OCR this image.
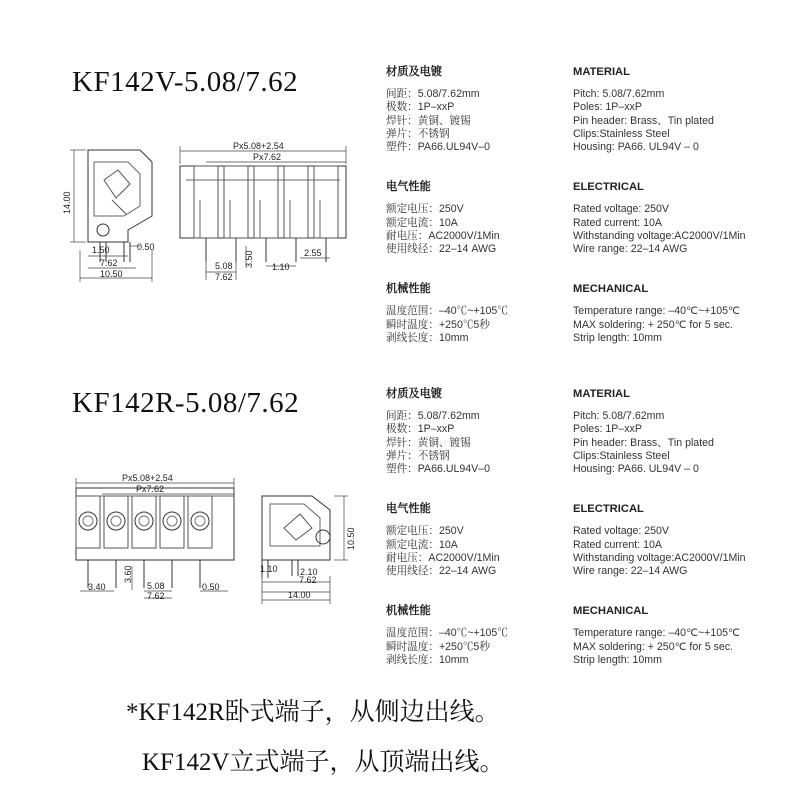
KF142V-5.08/7.62
KF142R-5.08/7.62
材质及电镀
间距：5.08/7.62mm
极数：1P–xxP
焊针：黄铜、镀锡
弹片：不锈钢
塑件：PA66.UL94V–0
电气性能
额定电压：250V
额定电流：10A
耐电压：AC2000V/1Min
使用线径：22–14 AWG
机械性能
温度范围：–40℃~+105℃
瞬时温度：+250℃5秒
剥线长度：10mm
MATERIAL
Pitch: 5.08/7.62mm
Poles: 1P–xxP
Pin header: Brass、Tin plated
Clips:Stainless Steel
Housing: PA66. UL94V – 0
ELECTRICAL
Rated voltage: 250V
Rated current: 10A
Withstanding voltage:AC2000V/1Min
Wire range: 22–14 AWG
MECHANICAL
Temperature range: –40℃~+105℃
MAX soldering: + 250℃ for 5 sec.
Strip length: 10mm
材质及电镀
间距：5.08/7.62mm
极数：1P–xxP
焊针：黄铜、镀锡
弹片：不锈钢
塑件：PA66.UL94V–0
电气性能
额定电压：250V
额定电流：10A
耐电压：AC2000V/1Min
使用线径：22–14 AWG
机械性能
温度范围：–40℃~+105℃
瞬时温度：+250℃5秒
剥线长度：10mm
MATERIAL
Pitch: 5.08/7.62mm
Poles: 1P–xxP
Pin header: Brass、Tin plated
Clips:Stainless Steel
Housing: PA66. UL94V – 0
ELECTRICAL
Rated voltage: 250V
Rated current: 10A
Withstanding voltage:AC2000V/1Min
Wire range: 22–14 AWG
MECHANICAL
Temperature range: –40℃~+105℃
MAX soldering: + 250℃ for 5 sec.
Strip length: 10mm
14.00
1.50	0.50
7.62
10.50
Px5.08+2.54
Px7.62
5.08
7.62
3.50 1.10
2.55
Px5.08+2.54
Px7.62
3.40
3.60
5.08
7.62
0.50
10.50
1.10 2.10
7.62
14.00
*KF142R卧式端子，从侧边出线。
KF142V立式端子，从顶端出线。
